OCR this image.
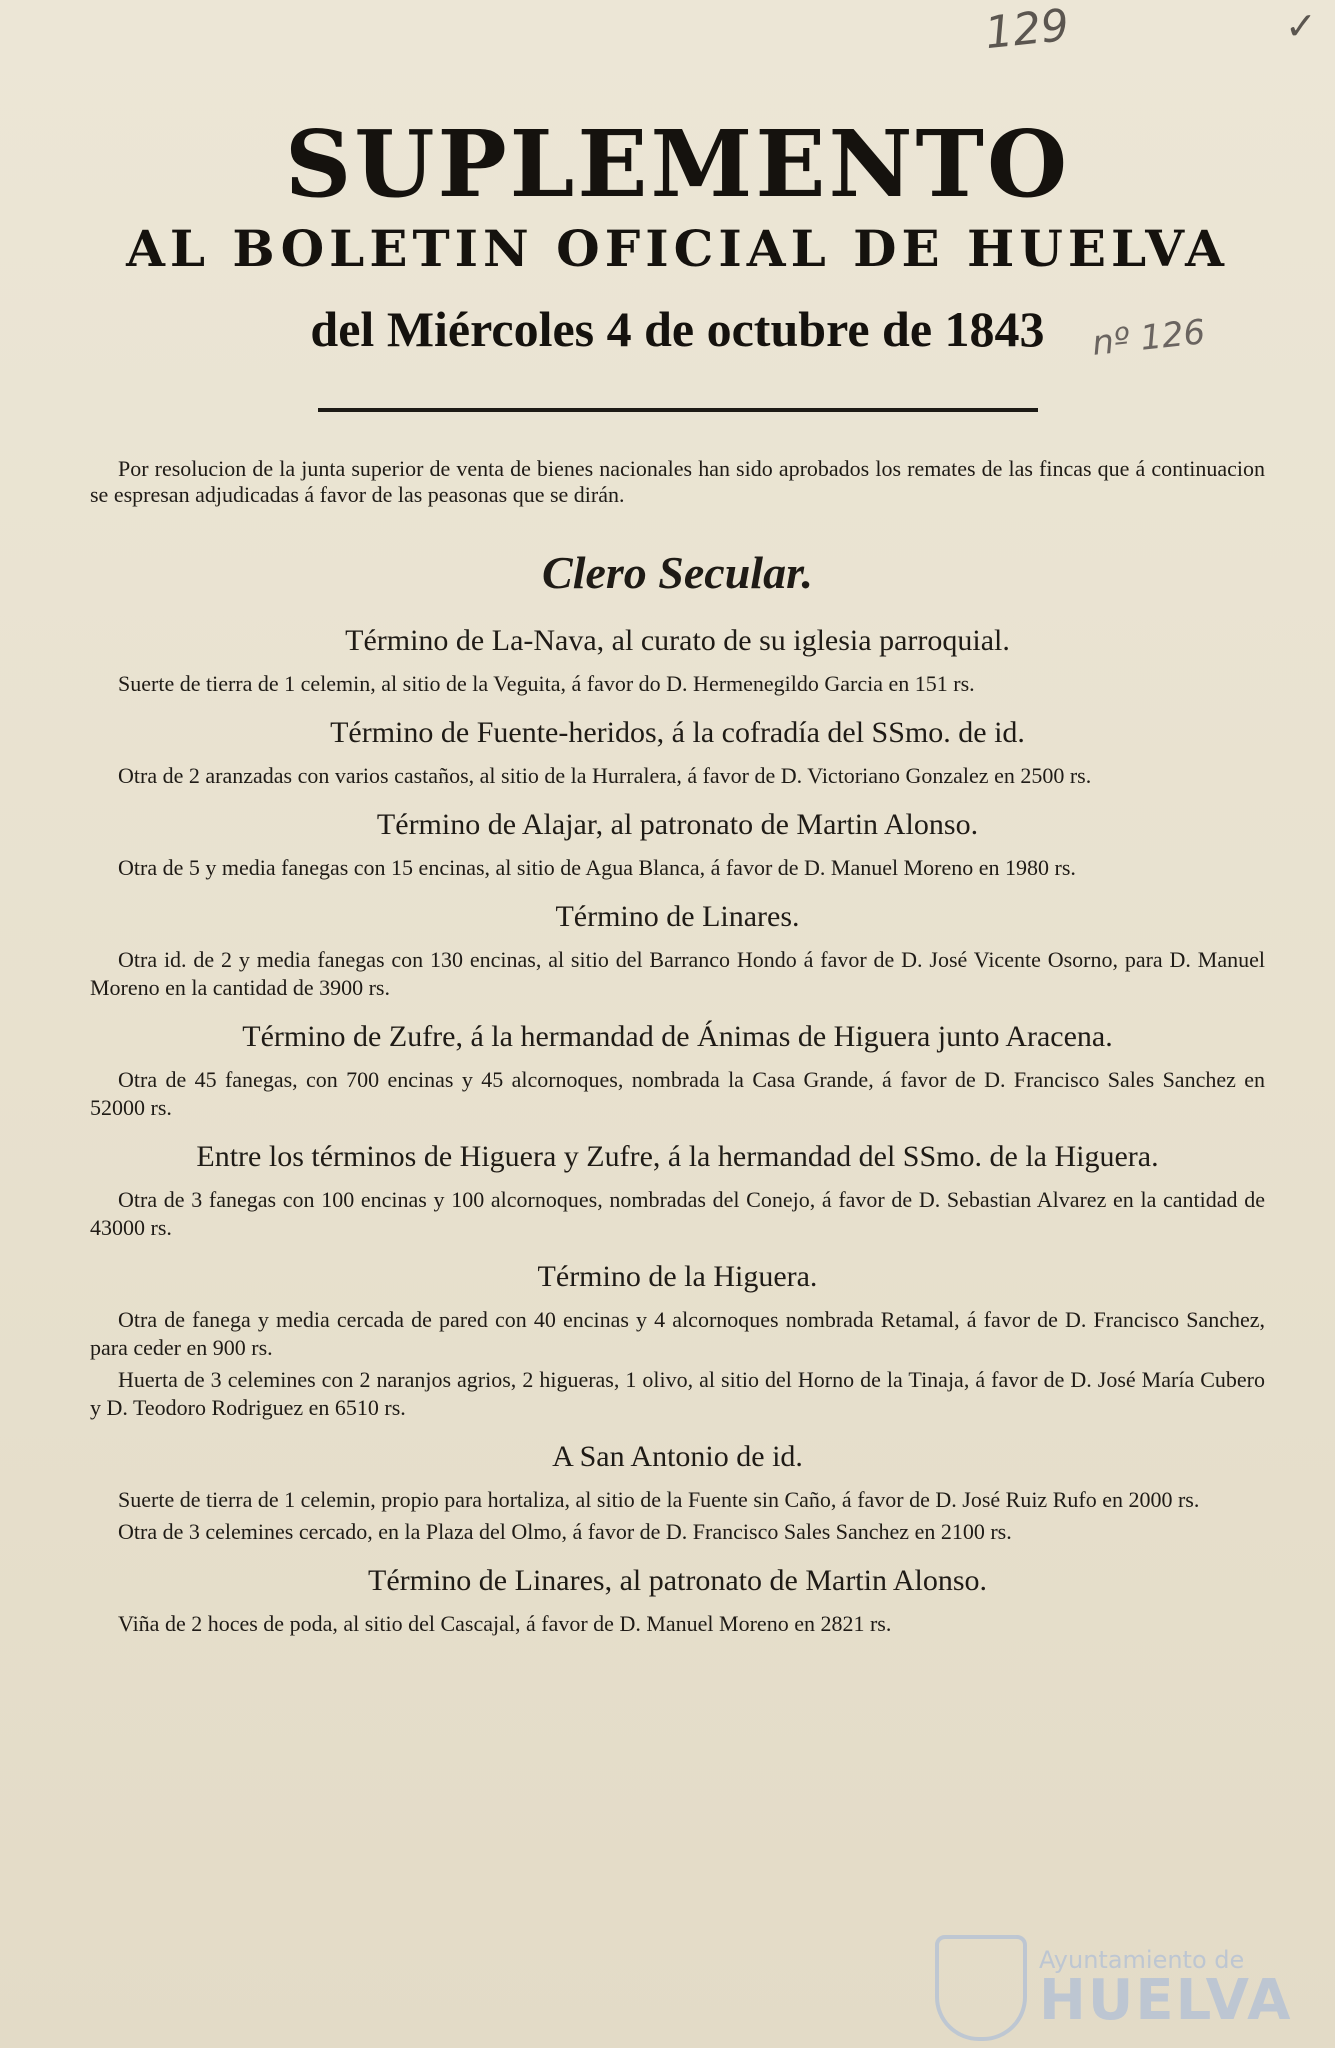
129	✓
nº 126
SUPLEMENTO
AL BOLETIN OFICIAL DE HUELVA
del Miércoles 4 de octubre de 1843

Por resolucion de la junta superior de venta de bienes nacionales han sido aprobados los remates de las fincas que á continuacion se espresan adjudicadas á favor de las peasonas que se dirán.

Clero Secular.
Término de La-Nava, al curato de su iglesia parroquial.

Suerte de tierra de 1 celemin, al sitio de la Veguita, á favor do D. Hermenegildo Garcia en 151 rs.

Término de Fuente-heridos, á la cofradía del SSmo. de id.

Otra de 2 aranzadas con varios castaños, al sitio de la Hurralera, á favor de D. Victoriano Gonzalez en 2500 rs.

Término de Alajar, al patronato de Martin Alonso.

Otra de 5 y media fanegas con 15 encinas, al sitio de Agua Blanca, á favor de D. Manuel Moreno en 1980 rs.

Término de Linares.

Otra id. de 2 y media fanegas con 130 encinas, al sitio del Barranco Hondo á favor de D. José Vicente Osorno, para D. Manuel Moreno en la cantidad de 3900 rs.

Término de Zufre, á la hermandad de Ánimas de Higuera junto Aracena.

Otra de 45 fanegas, con 700 encinas y 45 alcornoques, nombrada la Casa Grande, á favor de D. Francisco Sales Sanchez en 52000 rs.

Entre los términos de Higuera y Zufre, á la hermandad del SSmo. de la Higuera.

Otra de 3 fanegas con 100 encinas y 100 alcornoques, nombradas del Conejo, á favor de D. Sebastian Alvarez en la cantidad de 43000 rs.

Término de la Higuera.

Otra de fanega y media cercada de pared con 40 encinas y 4 alcornoques nombrada Retamal, á favor de D. Francisco Sanchez, para ceder en 900 rs.

Huerta de 3 celemines con 2 naranjos agrios, 2 higueras, 1 olivo, al sitio del Horno de la Tinaja, á favor de D. José María Cubero y D. Teodoro Rodriguez en 6510 rs.

A San Antonio de id.

Suerte de tierra de 1 celemin, propio para hortaliza, al sitio de la Fuente sin Caño, á favor de D. José Ruiz Rufo en 2000 rs.

Otra de 3 celemines cercado, en la Plaza del Olmo, á favor de D. Francisco Sales Sanchez en 2100 rs.

Término de Linares, al patronato de Martin Alonso.

Viña de 2 hoces de poda, al sitio del Cascajal, á favor de D. Manuel Moreno en 2821 rs.

Ayuntamiento de
HUELVA
